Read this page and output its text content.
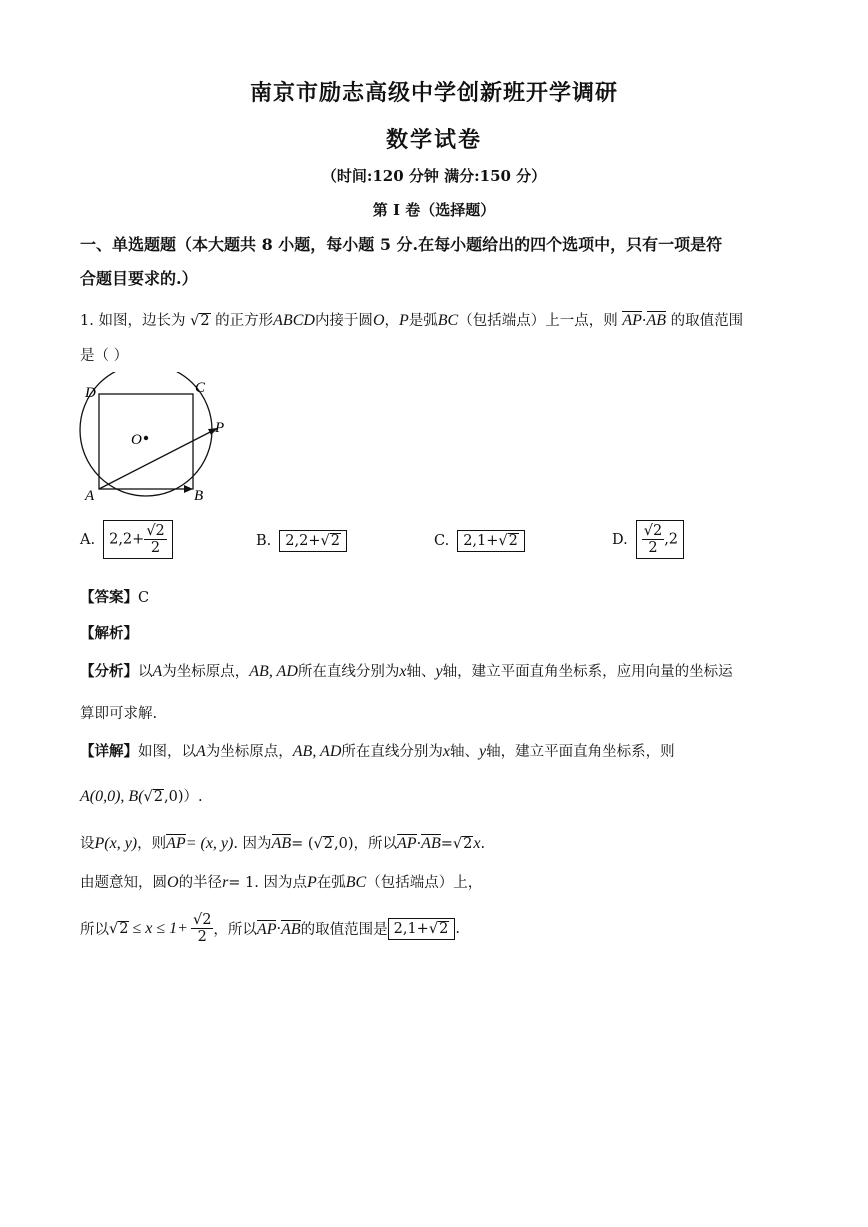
南京市励志高级中学创新班开学调研
数学试卷
（时间:120 分钟 满分:150 分）
第 I 卷（选择题）
一、单选题题（本大题共 8 小题，每小题 5 分.在每小题给出的四个选项中，只有一项是符
合题目要求的.）
1. 如图，边长为 √2 的正方形ABCD内接于圆O，P是弧BC（包括端点）上一点，则 AP·AB 的取值范围
是（ ）
D	C
O
P
A	B
A. $2,2+ \frac{√2}{2}$	B. 2,2+√2	C. 2,1+√2	D. $\frac{√2}{2} ,2$
【答案】C
【解析】
【分析】以A为坐标原点，AB, AD所在直线分别为x轴、y轴，建立平面直角坐标系，应用向量的坐标运
算即可求解.
【详解】如图，以A为坐标原点，AB, AD所在直线分别为x轴、y轴，建立平面直角坐标系，则
A(0,0), B(√2,0)）.
设P(x, y)，则AP= (x, y). 因为AB= (√2,0)，所以AP·AB=√2x.
由题意知，圆O的半径r= 1. 因为点P在弧BC（包括端点）上，
所以 √ $2 \le x \le 1+ \frac{√2}{2}$ ，所以 AP · AB 的取值范围是 2,1+√2 .
